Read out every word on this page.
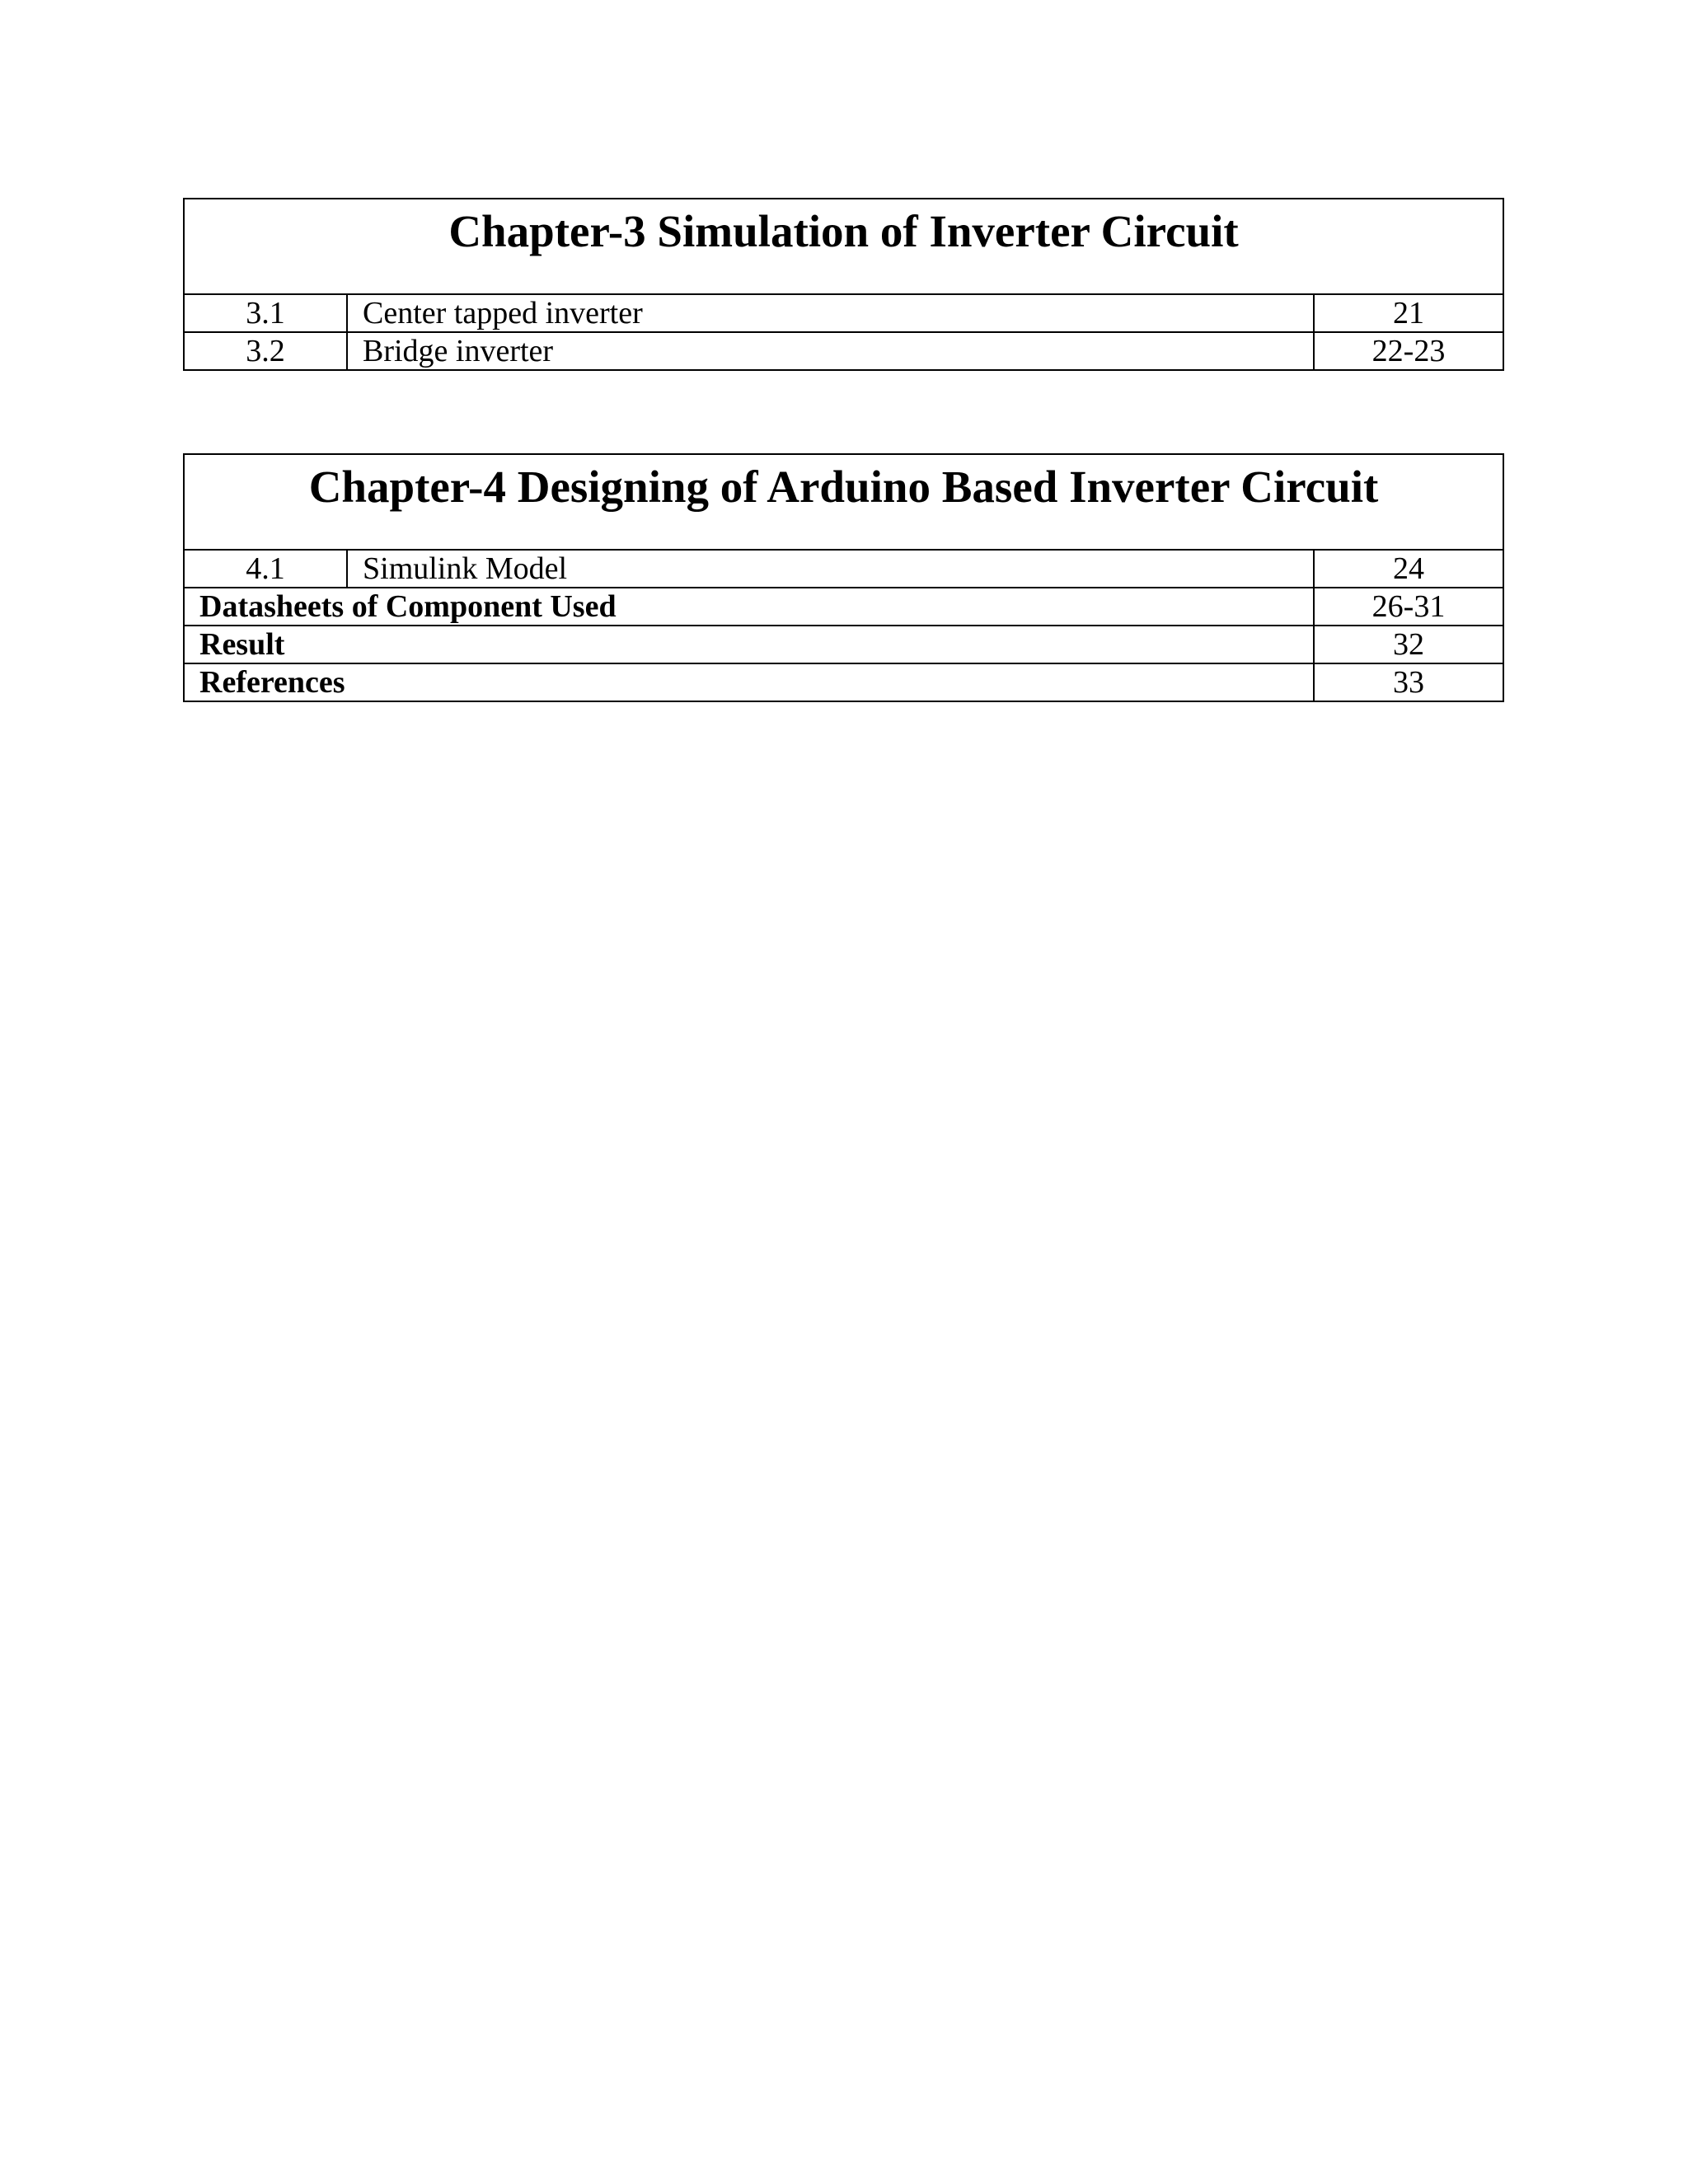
Chapter-3 Simulation of Inverter Circuit		
3.1	Center tapped inverter	21
3.2	Bridge inverter	22-23
Chapter-4 Designing of Arduino Based Inverter Circuit		
4.1	Simulink Model	24
Datasheets of Component Used		26-31
Result		32
References		33
